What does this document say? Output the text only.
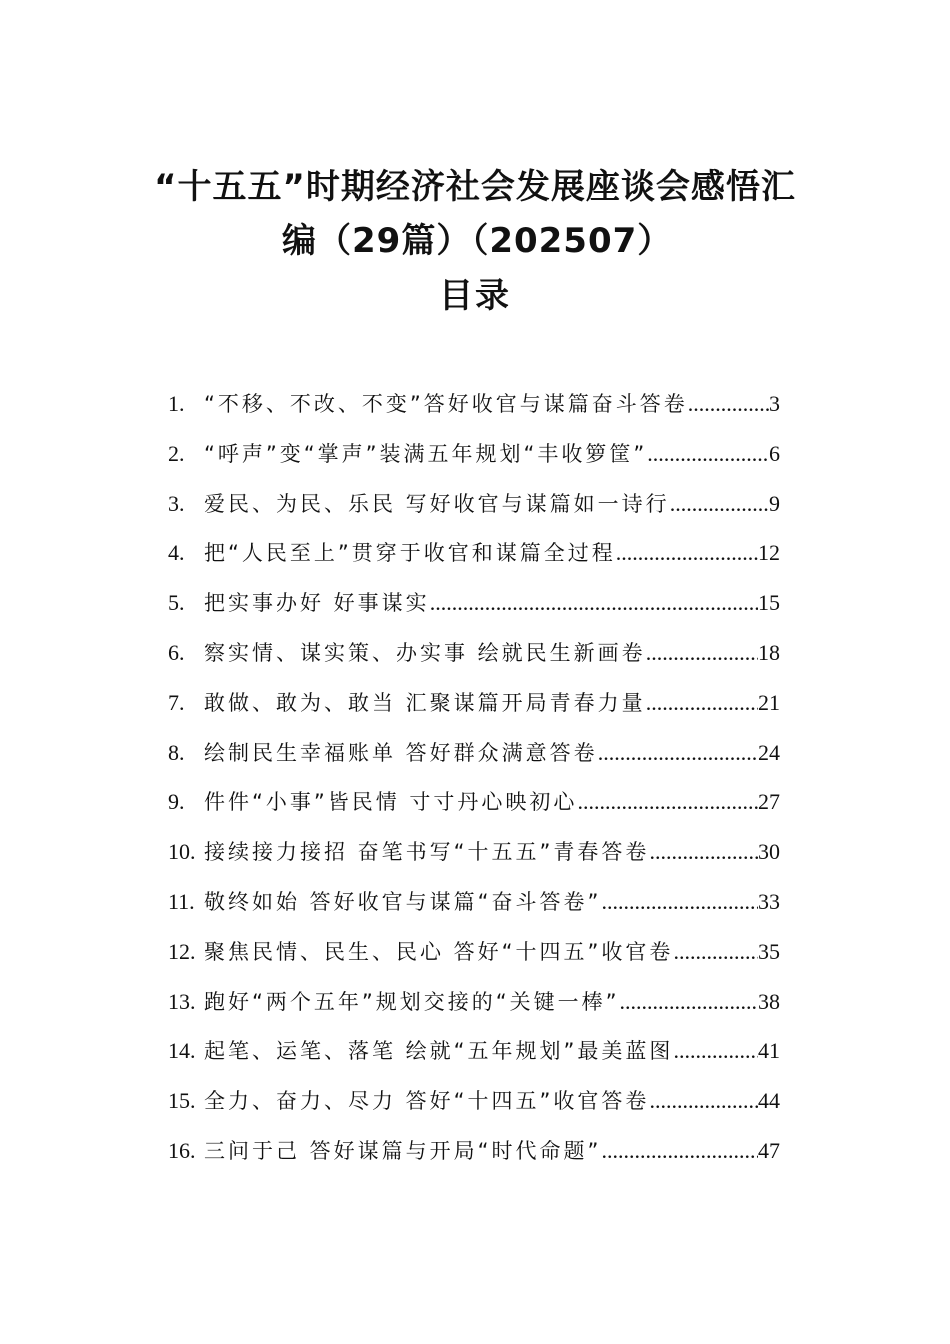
“十五五”时期经济社会发展座谈会感悟汇
编（29篇）（202507）
目录
1. “不移、不改、不变”答好收官与谋篇奋斗答卷 .....	3
2. “呼声”变“掌声”装满五年规划“丰收箩筐” .....	6
3. 爱民、为民、乐民 写好收官与谋篇如一诗行 .....	9
4. 把“人民至上”贯穿于收官和谋篇全过程 .....	12
5. 把实事办好 好事谋实 .....	15
6. 察实情、谋实策、办实事 绘就民生新画卷 .....	18
7. 敢做、敢为、敢当 汇聚谋篇开局青春力量 .....	21
8. 绘制民生幸福账单 答好群众满意答卷 .....	24
9. 件件“小事”皆民情 寸寸丹心映初心 .....	27
10. 接续接力接招 奋笔书写“十五五”青春答卷 .....	30
11. 敬终如始 答好收官与谋篇“奋斗答卷” .....	33
12. 聚焦民情、民生、民心 答好“十四五”收官卷 .....	35
13. 跑好“两个五年”规划交接的“关键一棒” .....	38
14. 起笔、运笔、落笔 绘就“五年规划”最美蓝图 .....	41
15. 全力、奋力、尽力 答好“十四五”收官答卷 .....	44
16. 三问于己 答好谋篇与开局“时代命题” .....	47
